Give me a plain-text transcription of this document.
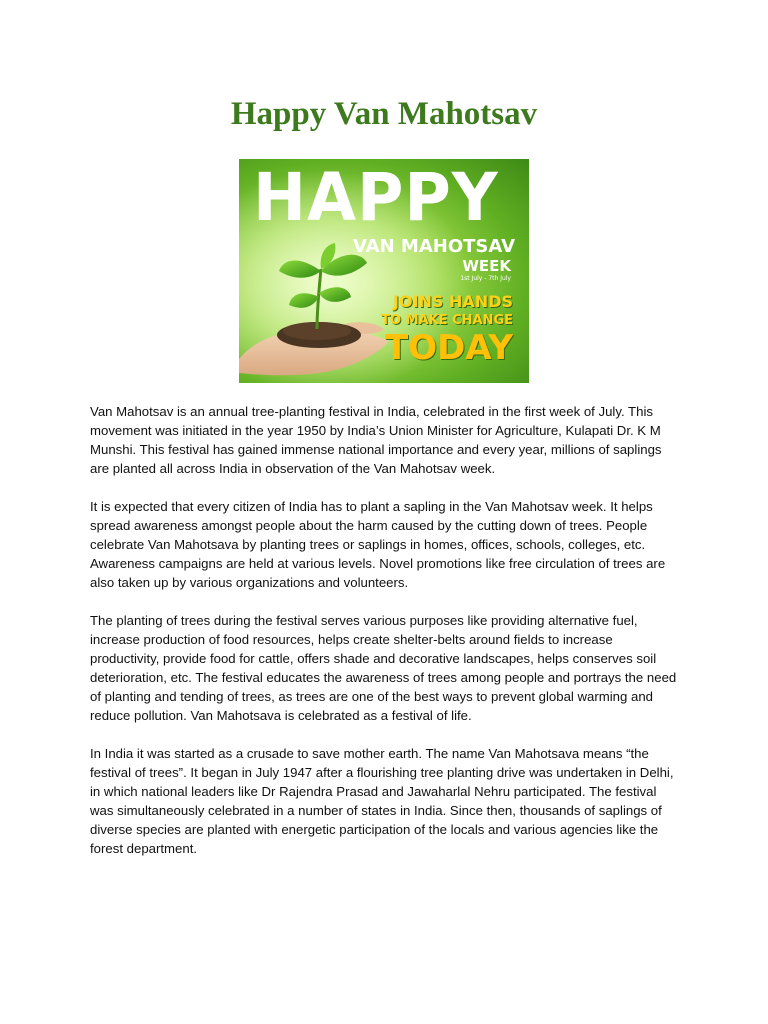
Happy Van Mahotsav
HAPPY
VAN MAHOTSAV
WEEK
1st July - 7th July
JOINS HANDS
TO MAKE CHANGE
TODAY

Van Mahotsav is an annual tree-planting festival in India, celebrated in the first week of July. This movement was initiated in the year 1950 by India’s Union Minister for Agriculture, Kulapati Dr. K M Munshi. This festival has gained immense national importance and every year, millions of saplings are planted all across India in observation of the Van Mahotsav week.

It is expected that every citizen of India has to plant a sapling in the Van Mahotsav week. It helps spread awareness amongst people about the harm caused by the cutting down of trees. People celebrate Van Mahotsava by planting trees or saplings in homes, offices, schools, colleges, etc. Awareness campaigns are held at various levels. Novel promotions like free circulation of trees are also taken up by various organizations and volunteers.

The planting of trees during the festival serves various purposes like providing alternative fuel, increase production of food resources, helps create shelter-belts around fields to increase productivity, provide food for cattle, offers shade and decorative landscapes, helps conserves soil deterioration, etc. The festival educates the awareness of trees among people and portrays the need of planting and tending of trees, as trees are one of the best ways to prevent global warming and reduce pollution. Van Mahotsava is celebrated as a festival of life.

In India it was started as a crusade to save mother earth. The name Van Mahotsava means “the festival of trees”. It began in July 1947 after a flourishing tree planting drive was undertaken in Delhi, in which national leaders like Dr Rajendra Prasad and Jawaharlal Nehru participated. The festival was simultaneously celebrated in a number of states in India. Since then, thousands of saplings of diverse species are planted with energetic participation of the locals and various agencies like the forest department.
